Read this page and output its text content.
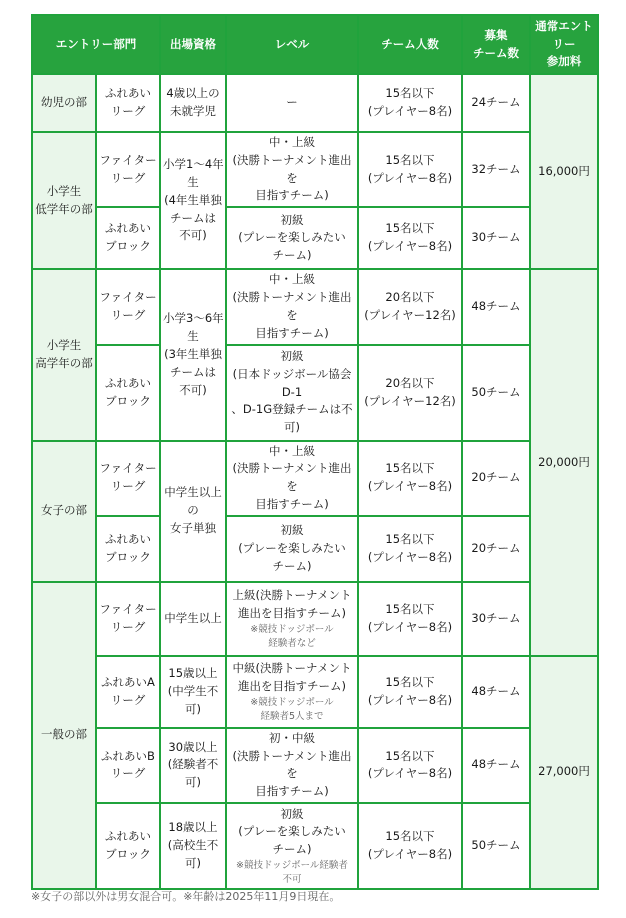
エントリー部門		出場資格	レベル	チーム人数	募集
チーム数	通常エント
リー
参加料

幼児の部	ふれあい
リーグ	4歳以上の
未就学児	ー	15名以下
(プレイヤー8名)	24チーム	16,000円

小学生
低学年の部	ファイター
リーグ	小学1〜4年
生
(4年生単独
チームは
不可)	中・上級
(決勝トーナメント進出
を
目指すチーム)	15名以下
(プレイヤー8名)	32チーム	

	ふれあい
ブロック		初級
(プレーを楽しみたい
チーム)	15名以下
(プレイヤー8名)	30チーム	

小学生
高学年の部	ファイター
リーグ	小学3〜6年
生
(3年生単独
チームは
不可)	中・上級
(決勝トーナメント進出
を
目指すチーム)	20名以下
(プレイヤー12名)	48チーム	20,000円

	ふれあい
ブロック		初級
(日本ドッジボール協会
D-1
、D-1G登録チームは不
可)	20名以下
(プレイヤー12名)	50チーム	

女子の部	ファイター
リーグ	中学生以上
の
女子単独	中・上級
(決勝トーナメント進出
を
目指すチーム)	15名以下
(プレイヤー8名)	20チーム	

	ふれあい
ブロック		初級
(プレーを楽しみたい
チーム)	15名以下
(プレイヤー8名)	20チーム	

一般の部	ファイター
リーグ	中学生以上	上級(決勝トーナメント
進出を目指すチーム)
※競技ドッジボール
経験者など	15名以下
(プレイヤー8名)	30チーム	

	ふれあいA
リーグ	15歳以上
(中学生不
可)	中級(決勝トーナメント
進出を目指すチーム)
※競技ドッジボール
経験者5人まで	15名以下
(プレイヤー8名)	48チーム	27,000円

	ふれあいB
リーグ	30歳以上
(経験者不
可)	初・中級
(決勝トーナメント進出
を
目指すチーム)	15名以下
(プレイヤー8名)	48チーム	

	ふれあい
ブロック	18歳以上
(高校生不
可)	初級
(プレーを楽しみたい
チーム)
※競技ドッジボール経験者
不可	15名以下
(プレイヤー8名)	50チーム	
※女子の部以外は男女混合可。※年齢は2025年11月9日現在。
